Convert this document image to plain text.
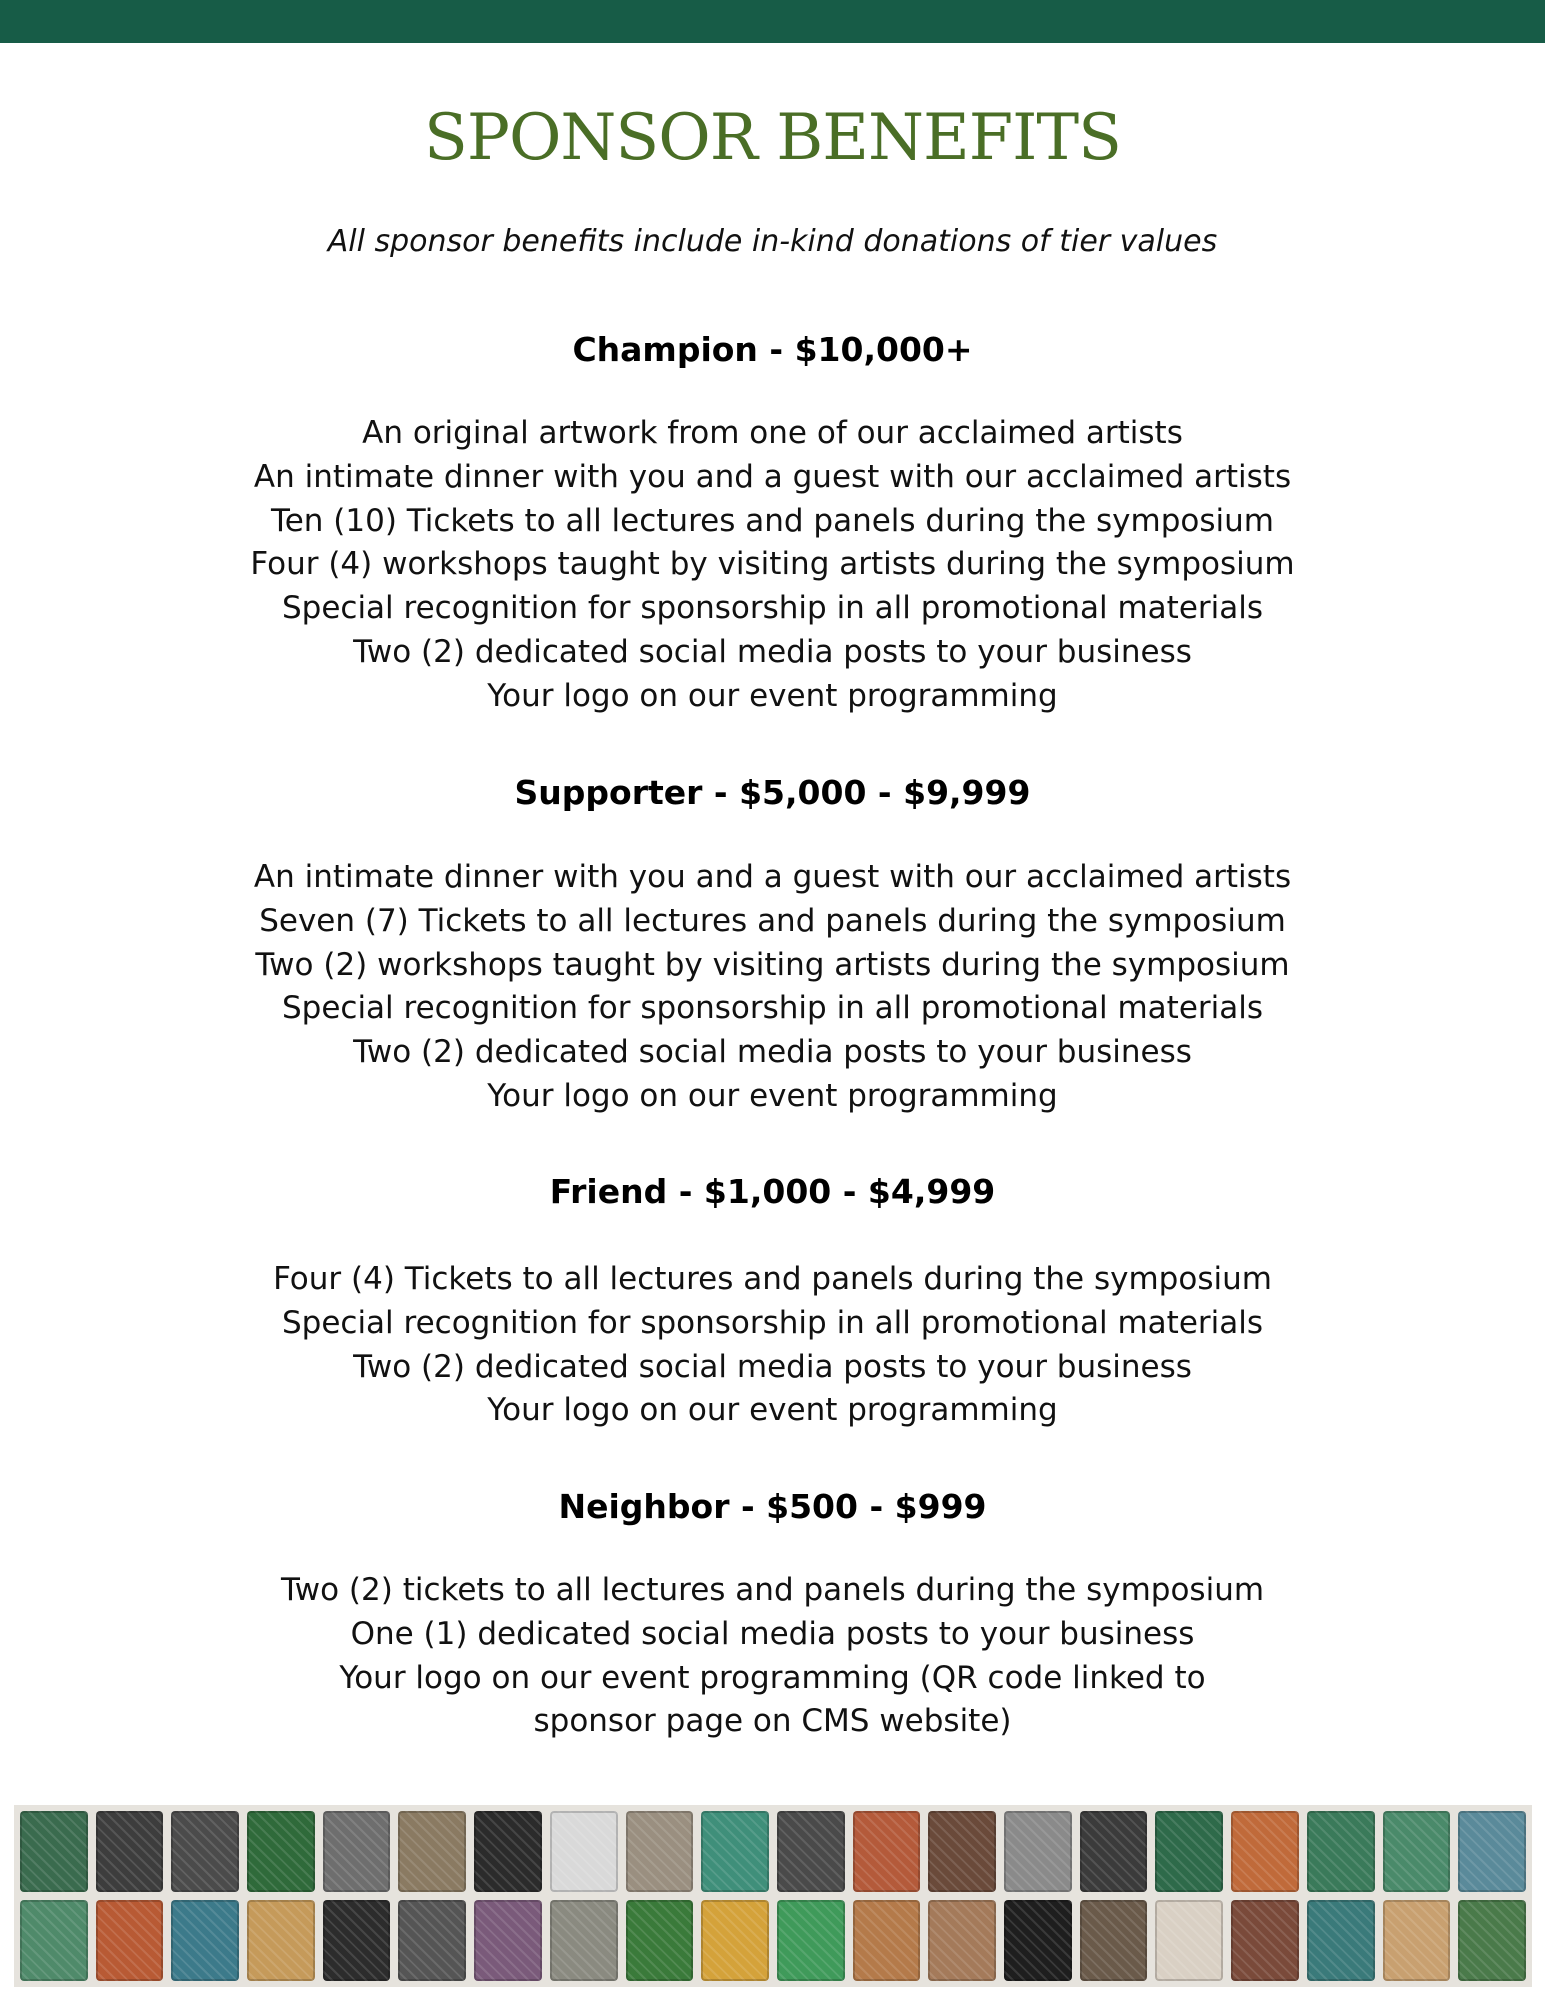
SPONSOR BENEFITS

All sponsor benefits include in-kind donations of tier values

Champion - $10,000+
An original artwork from one of our acclaimed artists
An intimate dinner with you and a guest with our acclaimed artists
Ten (10) Tickets to all lectures and panels during the symposium
Four (4) workshops taught by visiting artists during the symposium
Special recognition for sponsorship in all promotional materials
Two (2) dedicated social media posts to your business
Your logo on our event programming
Supporter - $5,000 - $9,999
An intimate dinner with you and a guest with our acclaimed artists
Seven (7) Tickets to all lectures and panels during the symposium
Two (2) workshops taught by visiting artists during the symposium
Special recognition for sponsorship in all promotional materials
Two (2) dedicated social media posts to your business
Your logo on our event programming
Friend - $1,000 - $4,999
Four (4) Tickets to all lectures and panels during the symposium
Special recognition for sponsorship in all promotional materials
Two (2) dedicated social media posts to your business
Your logo on our event programming
Neighbor - $500 - $999
Two (2) tickets to all lectures and panels during the symposium
One (1) dedicated social media posts to your business
Your logo on our event programming (QR code linked to
sponsor page on CMS website)
